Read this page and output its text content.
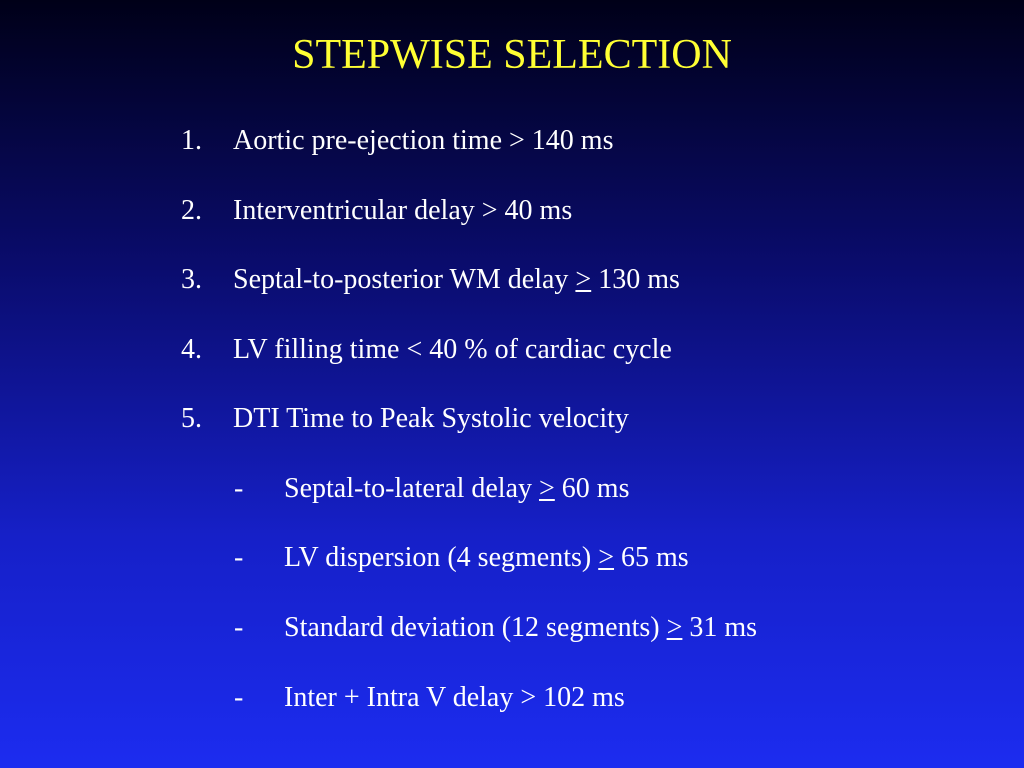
STEPWISE SELECTION
1. Aortic pre-ejection time > 140 ms
2. Interventricular delay > 40 ms
3. Septal-to-posterior WM delay > 130 ms
4. LV filling time < 40 % of cardiac cycle
5. DTI Time to Peak Systolic velocity
- Septal-to-lateral delay > 60 ms
- LV dispersion (4 segments) > 65 ms
- Standard deviation (12 segments) > 31 ms
- Inter + Intra V delay > 102 ms
